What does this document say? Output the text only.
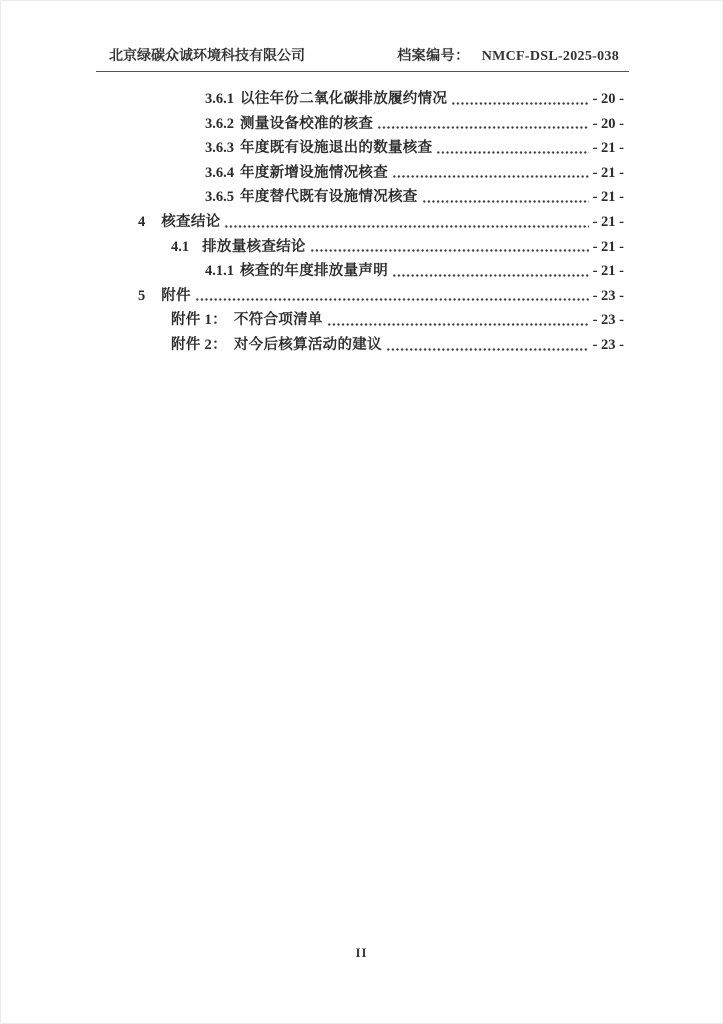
北京绿碳众诚环境科技有限公司	档案编号： NMCF-DSL-2025-038
3.6.1 以往年份二氧化碳排放履约情况	- 20 -
3.6.2 测量设备校准的核查	- 20 -
3.6.3 年度既有设施退出的数量核查	- 21 -
3.6.4 年度新增设施情况核查	- 21 -
3.6.5 年度替代既有设施情况核查	- 21 -
4 核查结论	- 21 -
4.1 排放量核查结论	- 21 -
4.1.1 核查的年度排放量声明	- 21 -
5 附件	- 23 -
附件 1： 不符合项清单	- 23 -
附件 2： 对今后核算活动的建议	- 23 -
II
